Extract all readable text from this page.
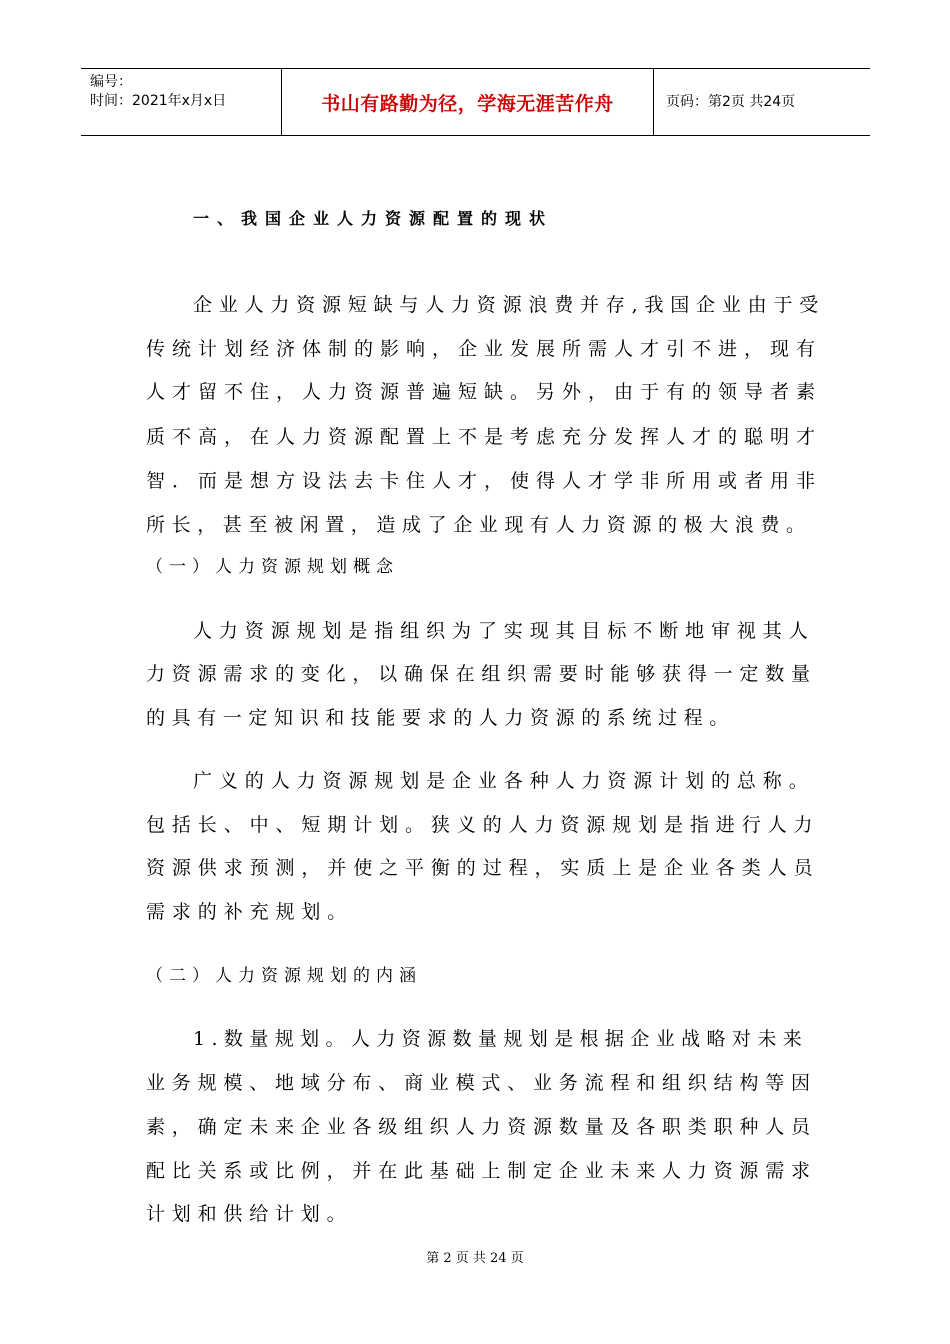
编号：
时间：2021年x月x日	书山有路勤为径，学海无涯苦作舟	页码：第2页 共24页
一、我国企业人力资源配置的现状
企业人力资源短缺与人力资源浪费并存,我国企业由于受
传统计划经济体制的影响，企业发展所需人才引不进，现有
人才留不住，人力资源普遍短缺。另外，由于有的领导者素
质不高，在人力资源配置上不是考虑充分发挥人才的聪明才
智．而是想方设法去卡住人才，使得人才学非所用或者用非
所长，甚至被闲置，造成了企业现有人力资源的极大浪费。
（一）人力资源规划概念
人力资源规划是指组织为了实现其目标不断地审视其人
力资源需求的变化，以确保在组织需要时能够获得一定数量
的具有一定知识和技能要求的人力资源的系统过程。
广义的人力资源规划是企业各种人力资源计划的总称。
包括长、中、短期计划。狭义的人力资源规划是指进行人力
资源供求预测，并使之平衡的过程，实质上是企业各类人员
需求的补充规划。
（二）人力资源规划的内涵
1.数量规划。人力资源数量规划是根据企业战略对未来
业务规模、地域分布、商业模式、业务流程和组织结构等因
素，确定未来企业各级组织人力资源数量及各职类职种人员
配比关系或比例，并在此基础上制定企业未来人力资源需求
计划和供给计划。
第 2 页 共 24 页
